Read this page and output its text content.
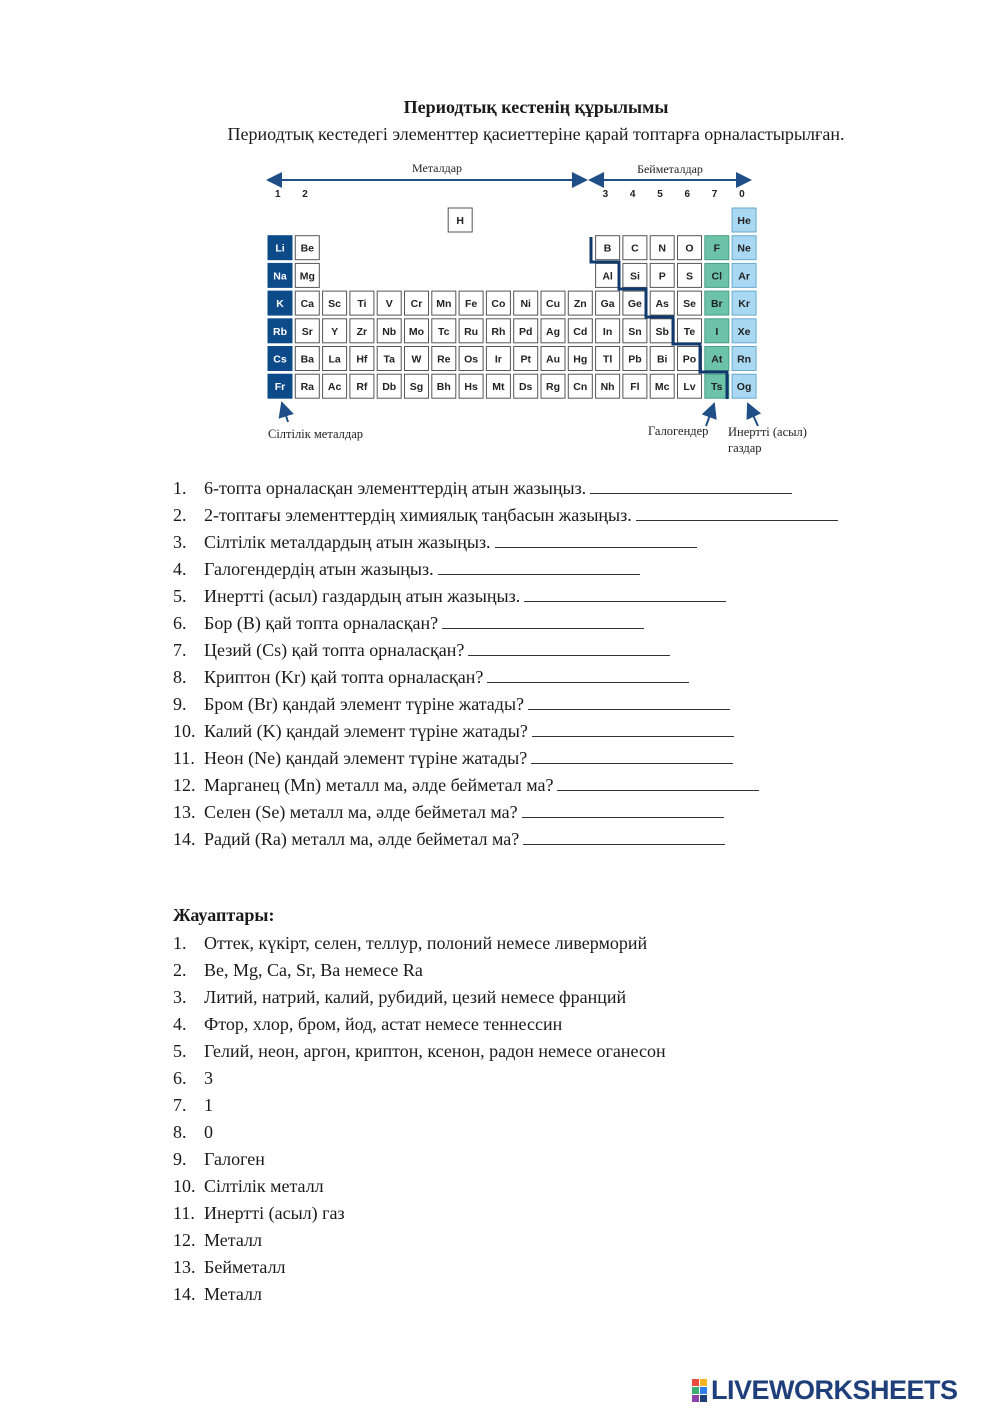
Периодтық кестенің құрылымы
Периодтық кестедегі элементтер қасиеттеріне қарай топтарға орналастырылған.
Металдар	Бейметалдар
1 2	3 4 5 6 7 0
H	He
Li Be	B C N O F Ne
Na Mg	Al Si P S Cl Ar
K Ca Sc Ti V Cr Mn Fe Co Ni Cu Zn Ga Ge As Se Br Kr
Rb Sr Y Zr Nb Mo Tc Ru Rh Pd Ag Cd In Sn Sb Te I Xe
Cs Ba La Hf Ta W Re Os Ir Pt Au Hg Tl Pb Bi Po At Rn
Fr Ra Ac Rf Db Sg Bh Hs Mt Ds Rg Cn Nh Fl Mc Lv Ts Og
Сілтілік металдар	Галогендер Инертті (асыл)
газдар
1. 6-топта орналасқан элементтердің атын жазыңыз.
2. 2-топтағы элементтердің химиялық таңбасын жазыңыз.
3. Сілтілік металдардың атын жазыңыз.
4. Галогендердің атын жазыңыз.
5. Инертті (асыл) газдардың атын жазыңыз.
6. Бор (B) қай топта орналасқан?
7. Цезий (Cs) қай топта орналасқан?
8. Криптон (Kr) қай топта орналасқан?
9. Бром (Br) қандай элемент түріне жатады?
10. Калий (K) қандай элемент түріне жатады?
11. Неон (Ne) қандай элемент түріне жатады?
12. Марганец (Mn) металл ма, әлде бейметал ма?
13. Селен (Se) металл ма, әлде бейметал ма?
14. Радий (Ra) металл ма, әлде бейметал ма?
Жауаптары:
1. Оттек, күкірт, селен, теллур, полоний немесе ливерморий
2. Be, Mg, Ca, Sr, Ba немесе Ra
3. Литий, натрий, калий, рубидий, цезий немесе франций
4. Фтор, хлор, бром, йод, астат немесе теннессин
5. Гелий, неон, аргон, криптон, ксенон, радон немесе оганесон
6. 3
7. 1
8. 0
9. Галоген
10. Сілтілік металл
11. Инертті (асыл) газ
12. Металл
13. Бейметалл
14. Металл
LIVEWORKSHEETS
